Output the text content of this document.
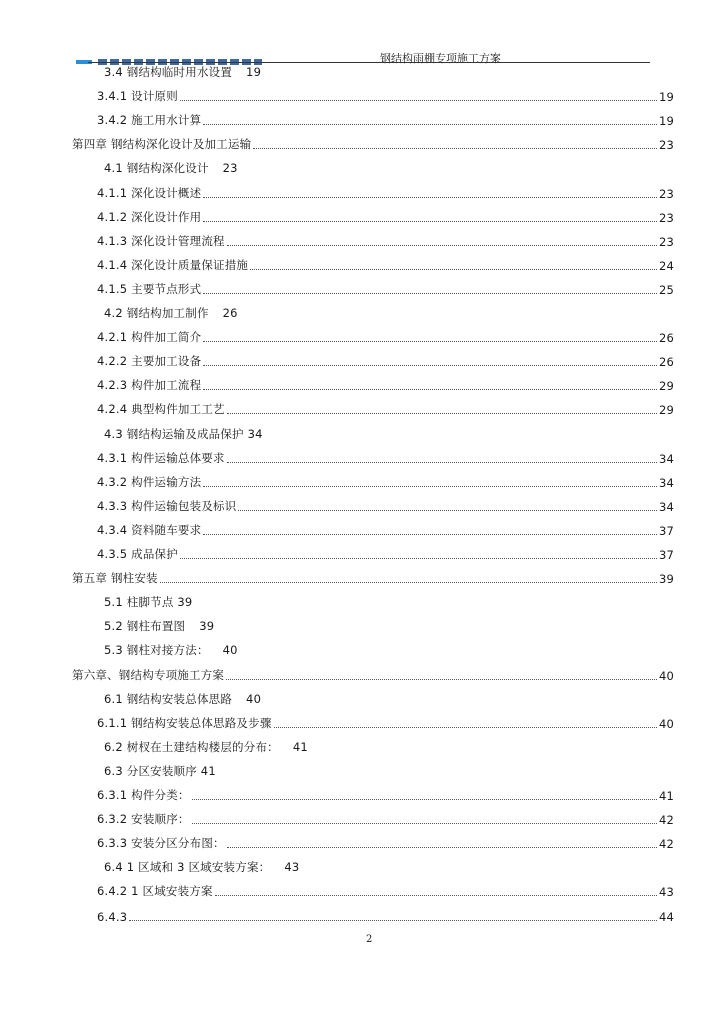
钢结构雨棚专项施工方案
3.4 钢结构临时用水设置 19
3.4.1 设计原则	19
3.4.2 施工用水计算	19
第四章 钢结构深化设计及加工运输	23
4.1 钢结构深化设计 23
4.1.1 深化设计概述	23
4.1.2 深化设计作用	23
4.1.3 深化设计管理流程	23
4.1.4 深化设计质量保证措施	24
4.1.5 主要节点形式	25
4.2 钢结构加工制作 26
4.2.1 构件加工简介	26
4.2.2 主要加工设备	26
4.2.3 构件加工流程	29
4.2.4 典型构件加工工艺	29
4.3 钢结构运输及成品保护 34
4.3.1 构件运输总体要求	34
4.3.2 构件运输方法	34
4.3.3 构件运输包装及标识	34
4.3.4 资料随车要求	37
4.3.5 成品保护	37
第五章 钢柱安装	39
5.1 柱脚节点 39
5.2 钢柱布置图 39
5.3 钢柱对接方法： 40
第六章、钢结构专项施工方案	40
6.1 钢结构安装总体思路 40
6.1.1 钢结构安装总体思路及步骤	40
6.2 树杈在土建结构楼层的分布： 41
6.3 分区安装顺序 41
6.3.1 构件分类：	41
6.3.2 安装顺序：	42
6.3.3 安装分区分布图：	42
6.4 1 区域和 3 区域安装方案： 43
6.4.2 1 区域安装方案	43
6.4.3	44
2
